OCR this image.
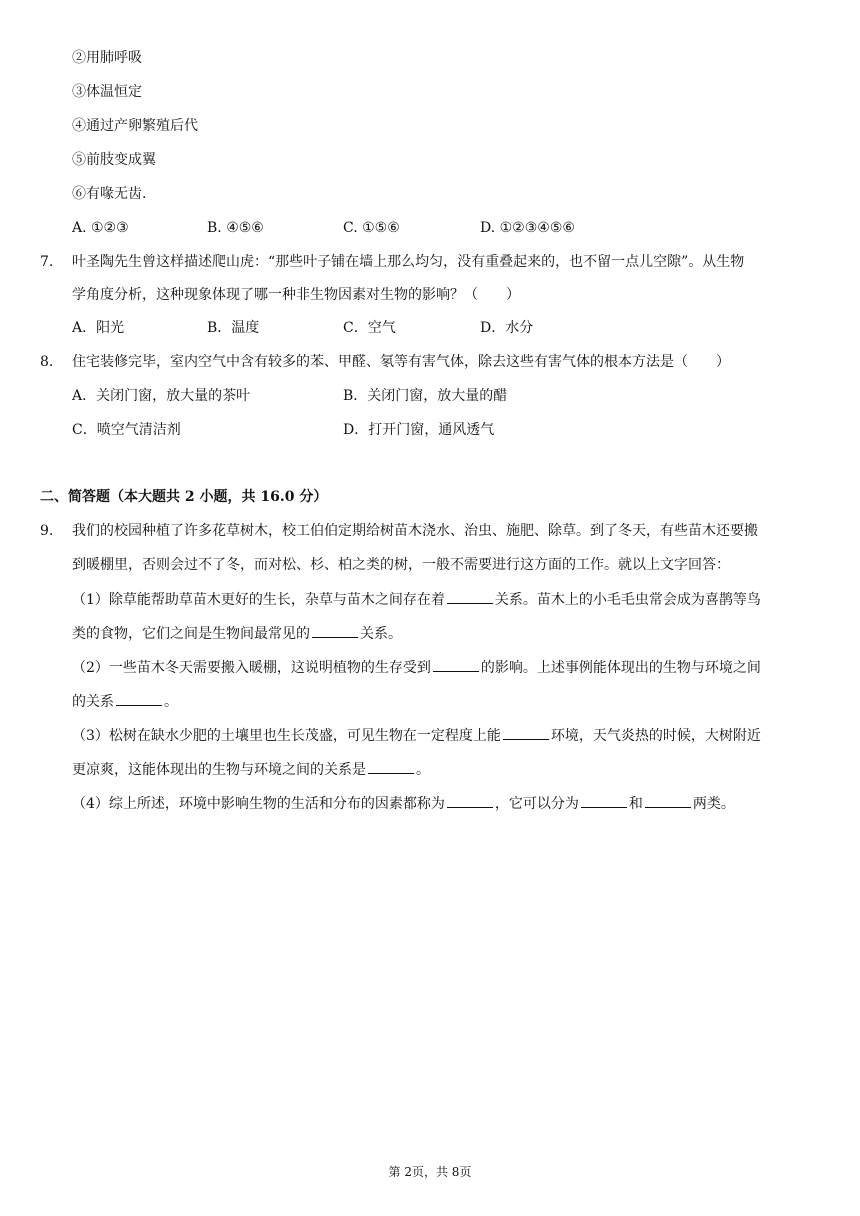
②用肺呼吸
③体温恒定
④通过产卵繁殖后代
⑤前肢变成翼
⑥有喙无齿.
A. ①②③	B. ④⑤⑥	C. ①⑤⑥	D. ①②③④⑤⑥
7. 叶圣陶先生曾这样描述爬山虎：“那些叶子铺在墙上那么均匀，没有重叠起来的，也不留一点儿空隙”。从生物
学角度分析，这种现象体现了哪一种非生物因素对生物的影响？（　　）
A．阳光	B．温度	C．空气	D．水分
8. 住宅装修完毕，室内空气中含有较多的苯、甲醛、氡等有害气体，除去这些有害气体的根本方法是（　　）
A．关闭门窗，放大量的茶叶	B．关闭门窗，放大量的醋
C．喷空气清洁剂	D．打开门窗，通风透气
二、简答题（本大题共 2 小题，共 16.0 分）
9. 我们的校园种植了许多花草树木，校工伯伯定期给树苗木浇水、治虫、施肥、除草。到了冬天，有些苗木还要搬
到暖棚里，否则会过不了冬，而对松、杉、柏之类的树，一般不需要进行这方面的工作。就以上文字回答：
（1）除草能帮助草苗木更好的生长，杂草与苗木之间存在着	关系。苗木上的小毛毛虫常会成为喜鹊等鸟
类的食物，它们之间是生物间最常见的	关系。
（2）一些苗木冬天需要搬入暖棚，这说明植物的生存受到	的影响。上述事例能体现出的生物与环境之间
的关系	。
（3）松树在缺水少肥的土壤里也生长茂盛，可见生物在一定程度上能	环境，天气炎热的时候，大树附近
更凉爽，这能体现出的生物与环境之间的关系是	。
（4）综上所述，环境中影响生物的生活和分布的因素都称为	，它可以分为	和	两类。
第 2页，共 8页
